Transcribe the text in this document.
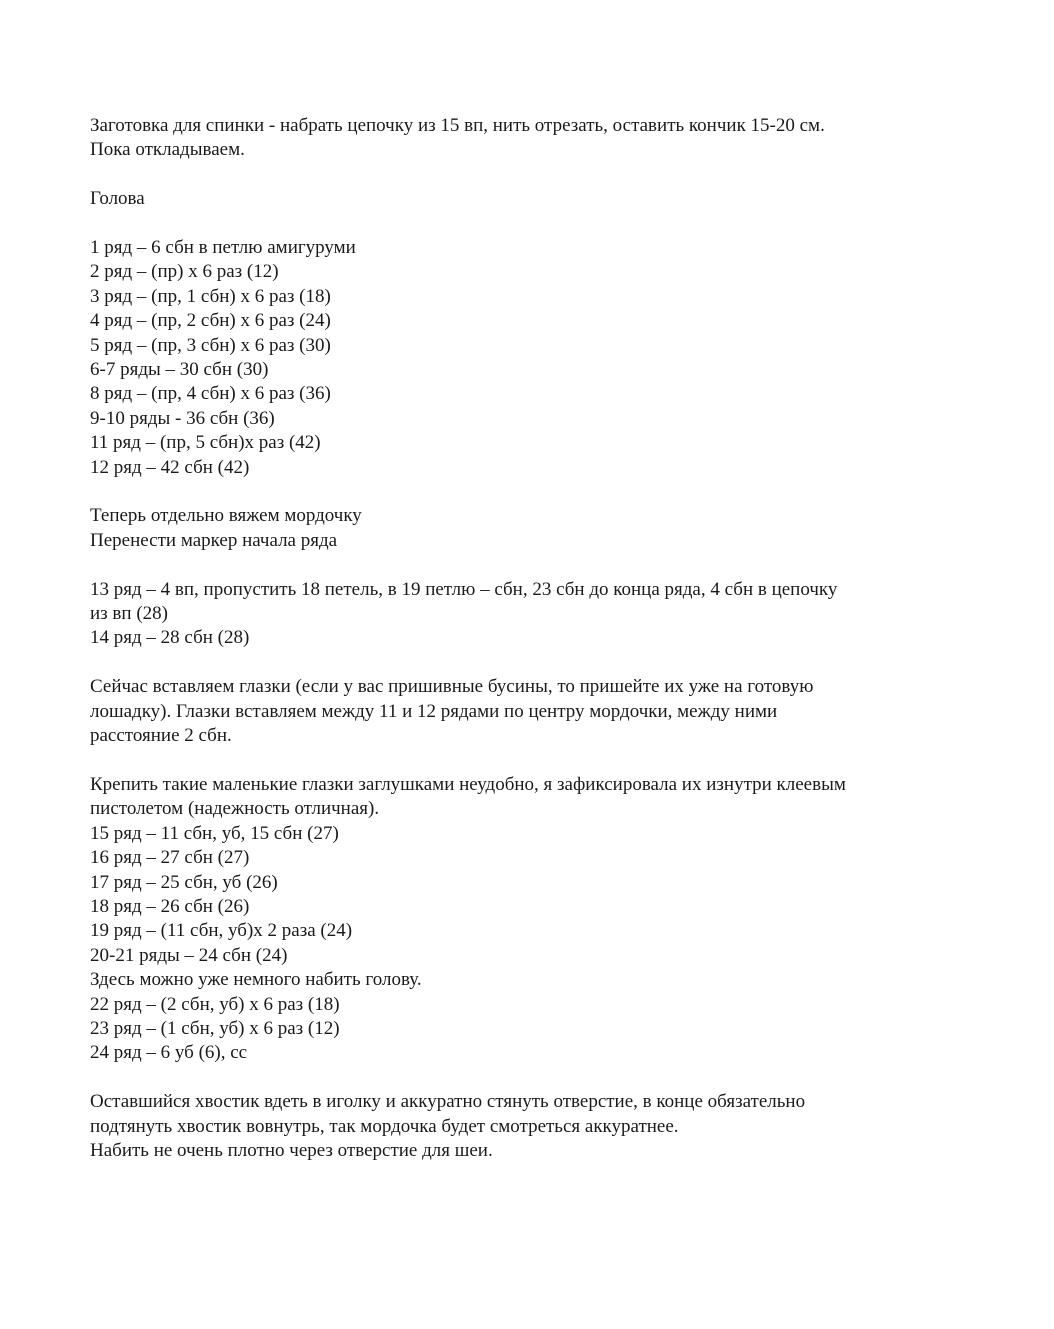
Заготовка для спинки - набрать цепочку из 15 вп, нить отрезать, оставить кончик 15-20 см.
Пока откладываем.
Голова
1 ряд – 6 сбн в петлю амигуруми
2 ряд – (пр) х 6 раз (12)
3 ряд – (пр, 1 сбн) х 6 раз (18)
4 ряд – (пр, 2 сбн) х 6 раз (24)
5 ряд – (пр, 3 сбн) х 6 раз (30)
6-7 ряды – 30 сбн (30)
8 ряд – (пр, 4 сбн) х 6 раз (36)
9-10 ряды - 36 сбн (36)
11 ряд – (пр, 5 сбн)х раз (42)
12 ряд – 42 сбн (42)
Теперь отдельно вяжем мордочку
Перенести маркер начала ряда
13 ряд – 4 вп, пропустить 18 петель, в 19 петлю – сбн, 23 сбн до конца ряда, 4 сбн в цепочку
из вп (28)
14 ряд – 28 сбн (28)
Сейчас вставляем глазки (если у вас пришивные бусины, то пришейте их уже на готовую
лошадку). Глазки вставляем между 11 и 12 рядами по центру мордочки, между ними
расстояние 2 сбн.
Крепить такие маленькие глазки заглушками неудобно, я зафиксировала их изнутри клеевым
пистолетом (надежность отличная).
15 ряд – 11 сбн, уб, 15 сбн (27)
16 ряд – 27 сбн (27)
17 ряд – 25 сбн, уб (26)
18 ряд – 26 сбн (26)
19 ряд – (11 сбн, уб)х 2 раза (24)
20-21 ряды – 24 сбн (24)
Здесь можно уже немного набить голову.
22 ряд – (2 сбн, уб) х 6 раз (18)
23 ряд – (1 сбн, уб) х 6 раз (12)
24 ряд – 6 уб (6), сс
Оставшийся хвостик вдеть в иголку и аккуратно стянуть отверстие, в конце обязательно
подтянуть хвостик вовнутрь, так мордочка будет смотреться аккуратнее.
Набить не очень плотно через отверстие для шеи.
